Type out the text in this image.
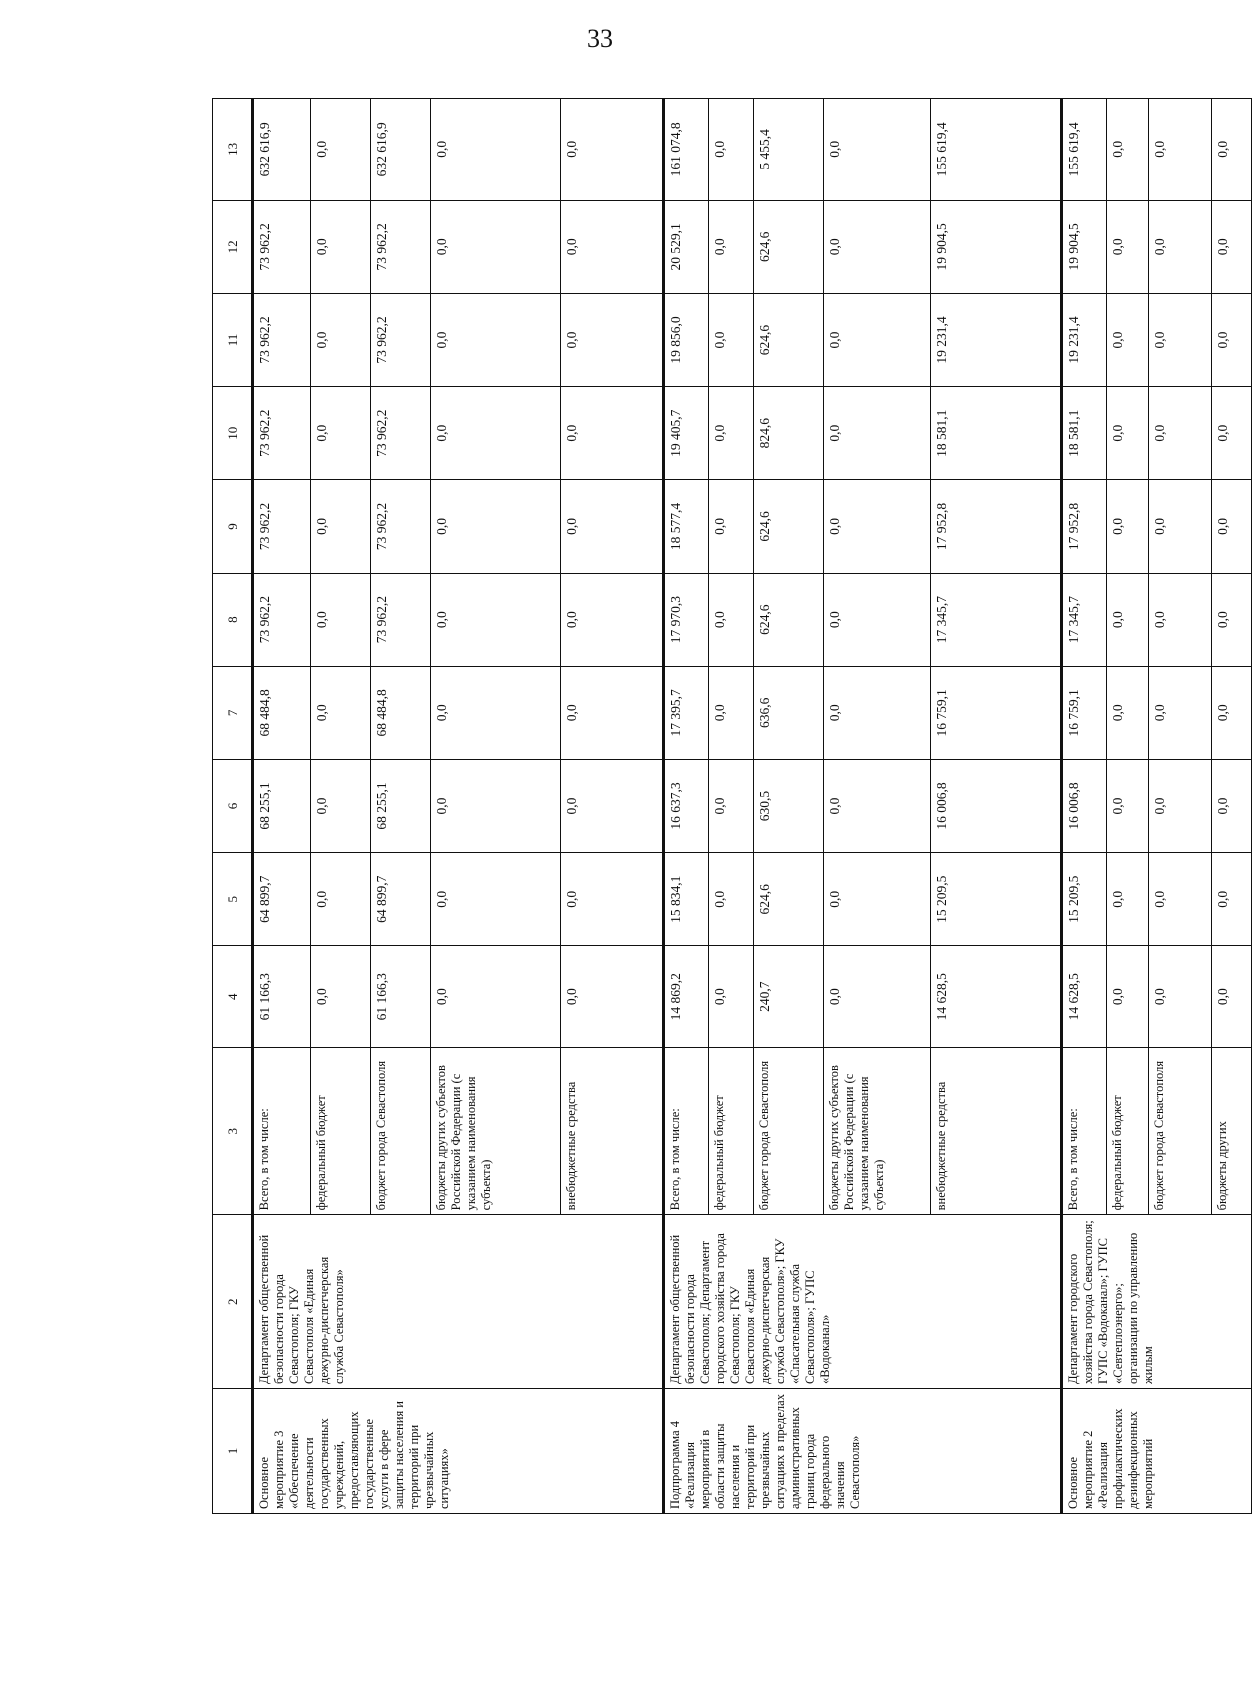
33
1	2	3	4	5	6	7	8	9	10	11	12	13
Основное мероприятие 3 «Обеспечение деятельности государственных учреждений, предоставляющих государственные услуги в сфере защиты населения и территорий при чрезвычайных ситуациях»	Департамент общественной безопасности города Севастополя; ГКУ Севастополя «Единая дежурно-диспетчерская служба Севастополя»	Всего, в том числе:	61 166,3	64 899,7	68 255,1	68 484,8	73 962,2	73 962,2	73 962,2	73 962,2	73 962,2	632 616,9
		федеральный бюджет	0,0	0,0	0,0	0,0	0,0	0,0	0,0	0,0	0,0	0,0
		бюджет города Севастополя	61 166,3	64 899,7	68 255,1	68 484,8	73 962,2	73 962,2	73 962,2	73 962,2	73 962,2	632 616,9
		бюджеты других субъектов Российской Федерации (с указанием наименования субъекта)	0,0	0,0	0,0	0,0	0,0	0,0	0,0	0,0	0,0	0,0
		внебюджетные средства	0,0	0,0	0,0	0,0	0,0	0,0	0,0	0,0	0,0	0,0
Подпрограмма 4 «Реализация мероприятий в области защиты населения и территорий при чрезвычайных ситуациях в пределах административных границ города федерального значения Севастополя»	Департамент общественной безопасности города Севастополя; Департамент городского хозяйства города Севастополя; ГКУ Севастополя «Единая дежурно-диспетчерская служба Севастополя»; ГКУ «Спасательная служба Севастополя»; ГУПС «Водоканал»	Всего, в том числе:	14 869,2	15 834,1	16 637,3	17 395,7	17 970,3	18 577,4	19 405,7	19 856,0	20 529,1	161 074,8
		федеральный бюджет	0,0	0,0	0,0	0,0	0,0	0,0	0,0	0,0	0,0	0,0
		бюджет города Севастополя	240,7	624,6	630,5	636,6	624,6	624,6	824,6	624,6	624,6	5 455,4
		бюджеты других субъектов Российской Федерации (с указанием наименования субъекта)	0,0	0,0	0,0	0,0	0,0	0,0	0,0	0,0	0,0	0,0
		внебюджетные средства	14 628,5	15 209,5	16 006,8	16 759,1	17 345,7	17 952,8	18 581,1	19 231,4	19 904,5	155 619,4
Основное мероприятие 2 «Реализация профилактических дезинфекционных мероприятий	Департамент городского хозяйства города Севастополя; ГУПС «Водоканал»; ГУПС «Севтеплоэнерго»; организации по управлению жилым	Всего, в том числе:	14 628,5	15 209,5	16 006,8	16 759,1	17 345,7	17 952,8	18 581,1	19 231,4	19 904,5	155 619,4
		федеральный бюджет	0,0	0,0	0,0	0,0	0,0	0,0	0,0	0,0	0,0	0,0
		бюджет города Севастополя	0,0	0,0	0,0	0,0	0,0	0,0	0,0	0,0	0,0	0,0
		бюджеты других	0,0	0,0	0,0	0,0	0,0	0,0	0,0	0,0	0,0	0,0
